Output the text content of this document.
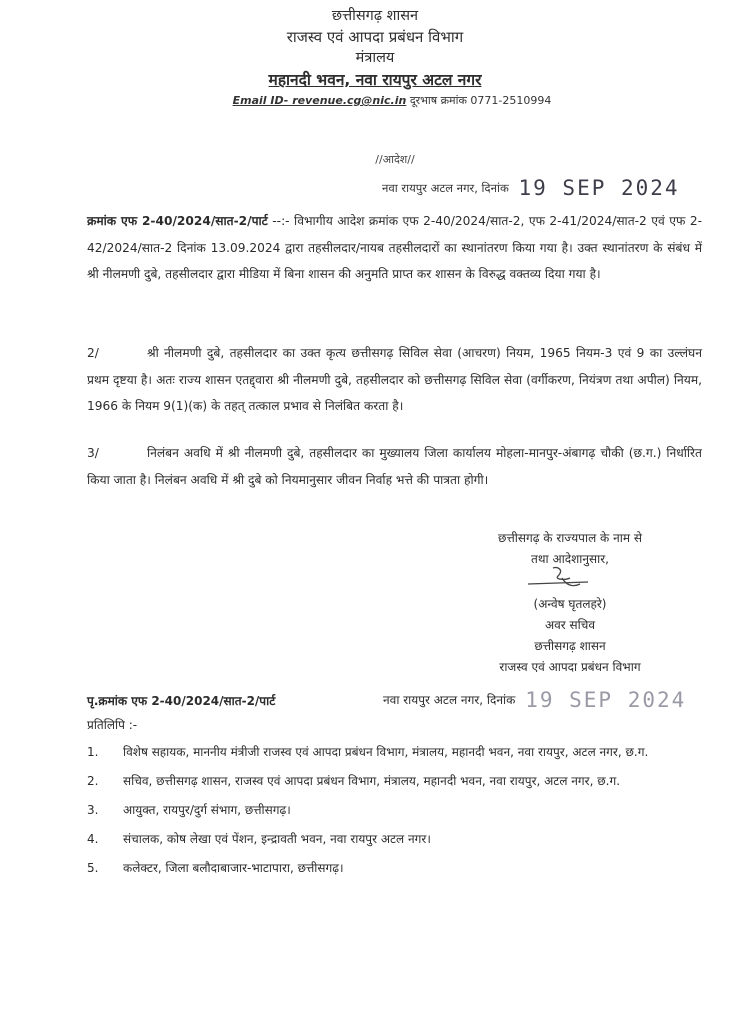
छत्तीसगढ़ शासन
राजस्व एवं आपदा प्रबंधन विभाग
मंत्रालय
महानदी भवन, नवा रायपुर अटल नगर
Email ID- revenue.cg@nic.in दूरभाष क्रमांक 0771-2510994
//आदेश//
नवा रायपुर अटल नगर, दिनांक 19 SEP 2024
क्रमांक एफ 2-40/2024/सात-2/पार्ट --:- विभागीय आदेश क्रमांक एफ 2-40/2024/सात-2, एफ 2-41/2024/सात-2 एवं एफ 2-42/2024/सात-2 दिनांक 13.09.2024 द्वारा तहसीलदार/नायब तहसीलदारों का स्थानांतरण किया गया है। उक्त स्थानांतरण के संबंध में श्री नीलमणी दुबे, तहसीलदार द्वारा मीडिया में बिना शासन की अनुमति प्राप्त कर शासन के विरुद्ध वक्तव्य दिया गया है।
2/	श्री नीलमणी दुबे, तहसीलदार का उक्त कृत्य छत्तीसगढ़ सिविल सेवा (आचरण) नियम, 1965 नियम-3 एवं 9 का उल्लंघन प्रथम दृष्टया है। अतः राज्य शासन एतद्द्वारा श्री नीलमणी दुबे, तहसीलदार को छत्तीसगढ़ सिविल सेवा (वर्गीकरण, नियंत्रण तथा अपील) नियम, 1966 के नियम 9(1)(क) के तहत् तत्काल प्रभाव से निलंबित करता है।
3/	निलंबन अवधि में श्री नीलमणी दुबे, तहसीलदार का मुख्यालय जिला कार्यालय मोहला-मानपुर-अंबागढ़ चौकी (छ.ग.) निर्धारित किया जाता है। निलंबन अवधि में श्री दुबे को नियमानुसार जीवन निर्वाह भत्ते की पात्रता होगी।
छत्तीसगढ़ के राज्यपाल के नाम से
तथा आदेशानुसार,
(अन्वेष घृतलहरे)
अवर सचिव
छत्तीसगढ़ शासन
राजस्व एवं आपदा प्रबंधन विभाग
पृ.क्रमांक एफ 2-40/2024/सात-2/पार्ट	नवा रायपुर अटल नगर, दिनांक 19 SEP 2024
प्रतिलिपि :-
1.	विशेष सहायक, माननीय मंत्रीजी राजस्व एवं आपदा प्रबंधन विभाग, मंत्रालय, महानदी भवन, नवा रायपुर, अटल नगर, छ.ग.
2.	सचिव, छत्तीसगढ़ शासन, राजस्व एवं आपदा प्रबंधन विभाग, मंत्रालय, महानदी भवन, नवा रायपुर, अटल नगर, छ.ग.
3.	आयुक्त, रायपुर/दुर्ग संभाग, छत्तीसगढ़।
4.	संचालक, कोष लेखा एवं पेंशन, इन्द्रावती भवन, नवा रायपुर अटल नगर।
5.	कलेक्टर, जिला बलौदाबाजार-भाटापारा, छत्तीसगढ़।
